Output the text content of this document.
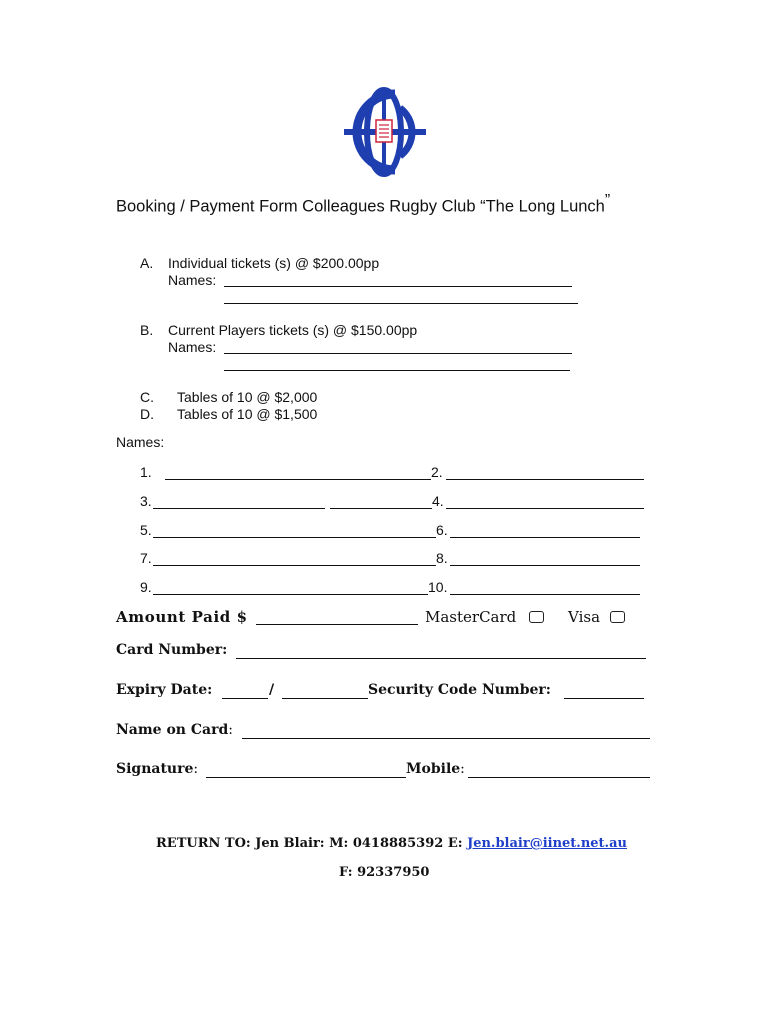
Booking / Payment Form Colleagues Rugby Club “The Long Lunch”
A. Individual tickets (s) @ $200.00pp
Names:
B. Current Players tickets (s) @ $150.00pp
Names:
C. Tables of 10 @ $2,000
D. Tables of 10 @ $1,500
Names:
1.	2.
3.	4.
5.	6.
7.	8.
9.	10.
Amount Paid $	MasterCard	Visa
Card Number:
Expiry Date:	/	Security Code Number:
Name on Card:
Signature:	Mobile:
RETURN TO: Jen Blair: M: 0418885392 E: Jen.blair@iinet.net.au
F: 92337950
